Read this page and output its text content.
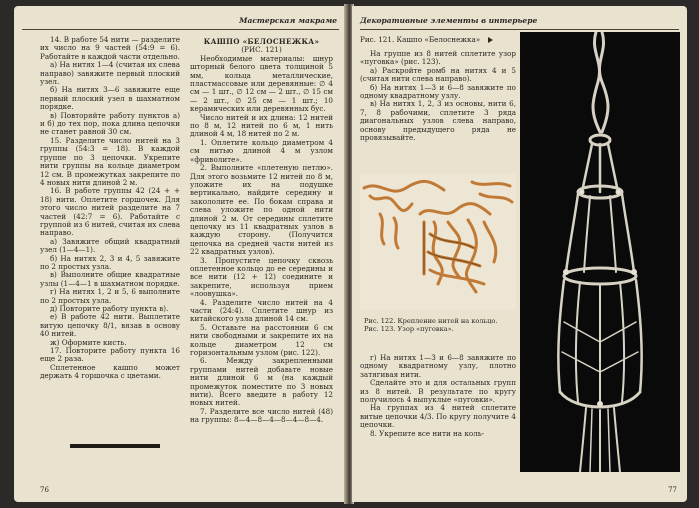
Мастерская макраме

14. В работе 54 нити — разделите их число на 9 частей (54:9 = 6). Работайте в каждой части отдельно.

а) На нитях 1—4 (считая их слева направо) завяжите первый плоский узел.

б) На нитях 3—6 завяжите еще первый плоский узел в шахматном порядке.

в) Повторяйте работу пунктов а) и б) до тех пор, пока длина цепочки не станет равной 30 см.

15. Разделите число нитей на 3 группы (54:3 = 18). В каждой группе по 3 цепочки. Укрепите нити группы на кольце диаметром 12 см. В промежутках закрепите по 4 новых нити длиной 2 м.

16. В работе группы 42 (24 + + 18) нити. Оплетите горшочек. Для этого число нитей разделите на 7 частей (42:7 = 6). Работайте с группой из 6 нитей, считая их слева направо.

а) Завяжите общий квадратный узел (1—4—1).

б) На нитях 2, 3 и 4, 5 завяжите по 2 простых узла.

в) Выполните общие квадратные узлы (1—4—1 в шахматном порядке.

г) На нитях 1, 2 и 5, 6 выполните по 2 простых узла.

д) Повторите работу пункта в).

е) В работе 42 нити. Выплетите витую цепочку 8/1, вязав в основу 40 нитей.

ж) Оформите кисть.

17. Повторите работу пункта 16 еще 2 раза.

Сплетенное кашпо может держать 4 горшочка с цветами.

КАШПО «БЕЛОСНЕЖКА»

(РИС. 121)

Необходимые материалы: шнур шторный белого цвета толщиной 5 мм, кольца металлические, пластмассовые или деревянные: ∅ 4 см — 1 шт., ∅ 12 см — 2 шт., ∅ 15 см — 2 шт., ∅ 25 см — 1 шт.; 10 керамических или деревянных бус.

Число нитей и их длина: 12 нитей по 8 м, 12 нитей по 6 м, 1 нить длиной 4 м, 18 нитей по 2 м.

1. Оплетите кольцо диаметром 4 см нитью длиной 4 м узлом «фриволите».

2. Выполните «плетеную петлю». Для этого возьмите 12 нитей по 8 м, уложите их на подушке вертикально, найдите середину и закололите ее. По бокам справа и слева уложите по одной нити длиной 2 м. От середины сплетите цепочку из 11 квадратных узлов в каждую сторону. (Получится цепочка на средней части нитей из 22 квадратных узлов).

3. Пропустите цепочку сквозь оплетенное кольцо до ее середины и все нити (12 + 12) соедините и закрепите, используя прием «лоовушка».

4. Разделите число нитей на 4 части (24:4). Сплетите шнур из китайского узла длиной 14 см.

5. Оставьте на расстоянии 6 см нити свободными и закрепите их на кольце диаметром 12 см горизонтальным узлом (рис. 122).

6. Между закрепленными группами нитей добавьте новые нити длиной 6 м (на каждый промежуток поместите по 3 новых нити). Всего введите в работу 12 новых нитей.

7. Разделите все число нитей (48) на группы: 8—4—8—4—8—4—8—4.

76
Декоративные элементы в интерьере
Рис. 121. Кашпо «Белоснежка»

На группе из 8 нитей сплетите узор «пуговка» (рис. 123).

а) Раскройте ромб на нитях 4 и 5 (считая нити слева направо).

б) На нитях 1—3 и 6—8 завяжите по одному квадратному узлу.

в) На нитях 1, 2, 3 из основы, нити 6, 7, 8 рабочими, сплетите 3 ряда диагональных узлов слева направо, основу предыдущего ряда не провязывайте.

Рис. 122. Крепление нитей на кольцо.
Рис. 123. Узор «пуговка».

г) На нитях 1—3 и 6—8 завяжите по одному квадратному узлу, плотно затягивая нити.

Сделайте это и для остальных групп из 8 нитей. В результате по кругу получилось 4 выпуклые «пуговки».

На группах из 4 нитей сплетите витые цепочки 4/3. По кругу получите 4 цепочки.

8. Укрепите все нити на коль-

77
